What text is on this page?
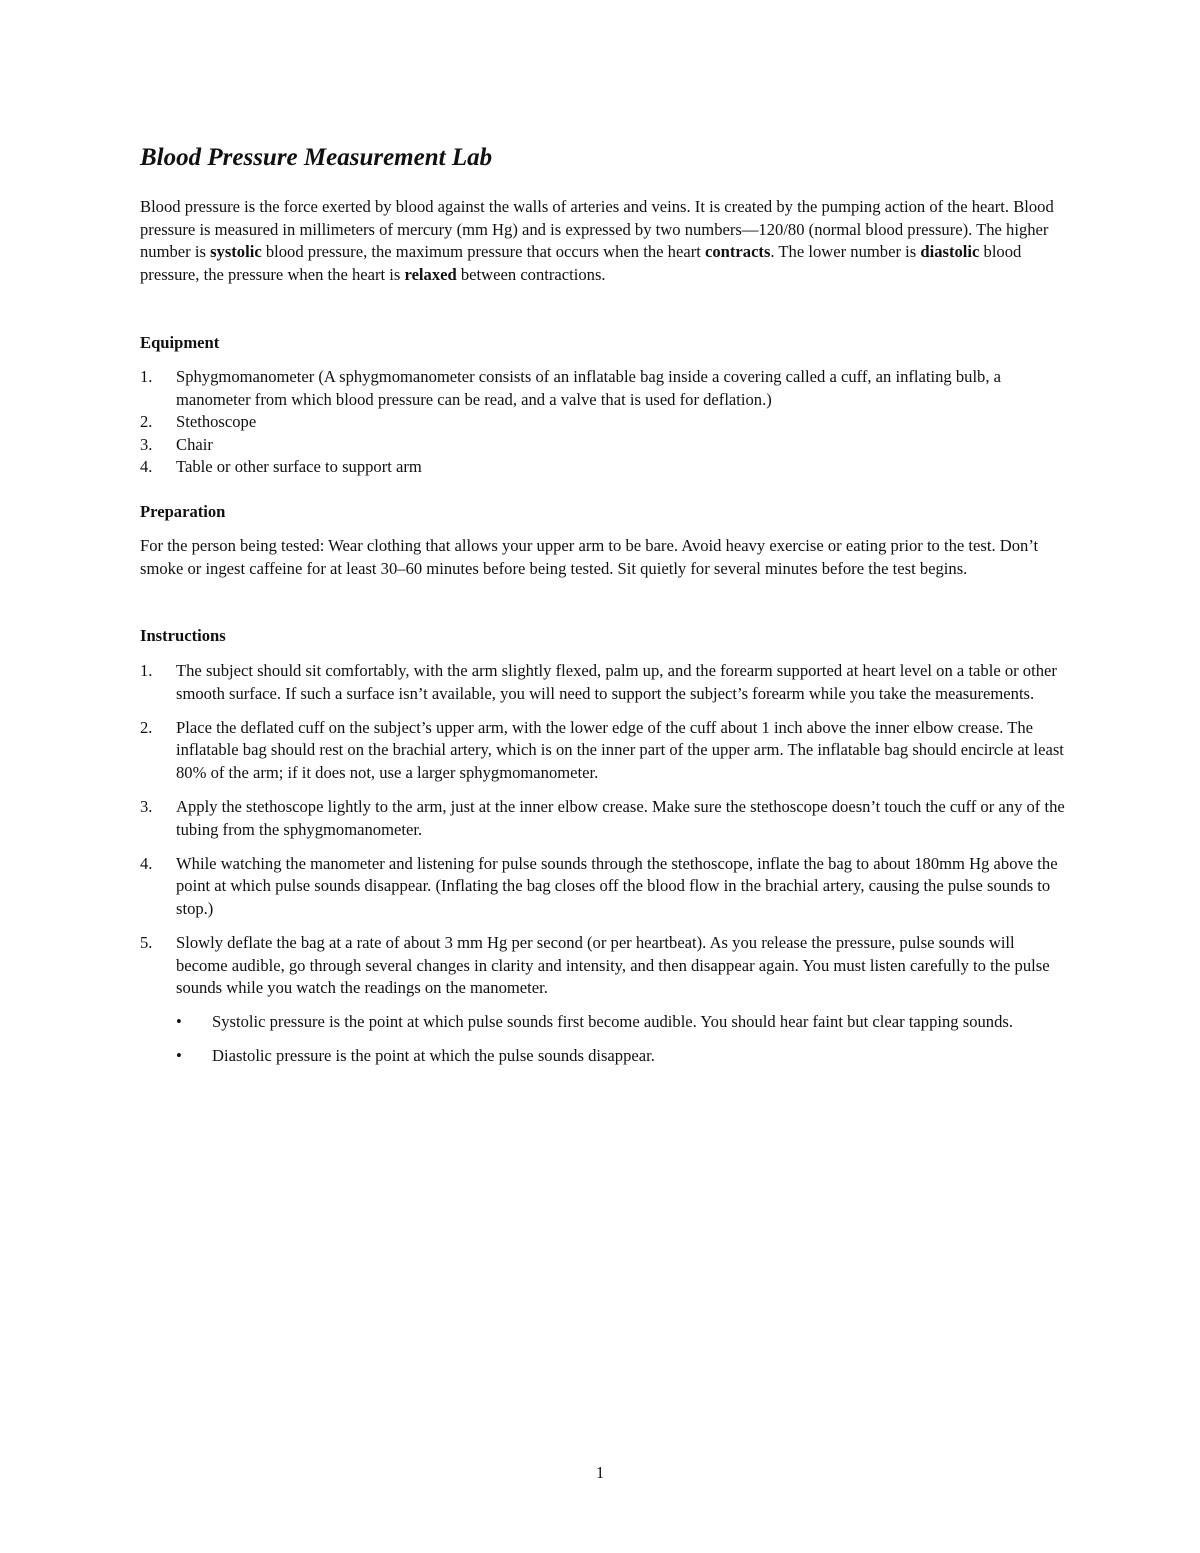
Blood Pressure Measurement Lab

Blood pressure is the force exerted by blood against the walls of arteries and veins. It is created by the pumping action of the heart. Blood pressure is measured in millimeters of mercury (mm Hg) and is expressed by two numbers—120/80 (normal blood pressure). The higher number is systolic blood pressure, the maximum pressure that occurs when the heart contracts. The lower number is diastolic blood pressure, the pressure when the heart is relaxed between contractions.

Equipment
1. Sphygmomanometer (A sphygmomanometer consists of an inflatable bag inside a covering called a cuff, an inflating bulb, a manometer from which blood pressure can be read, and a valve that is used for deflation.)
2. Stethoscope
3. Chair
4. Table or other surface to support arm
Preparation

For the person being tested: Wear clothing that allows your upper arm to be bare. Avoid heavy exercise or eating prior to the test. Don’t smoke or ingest caffeine for at least 30–60 minutes before being tested. Sit quietly for several minutes before the test begins.

Instructions
1. The subject should sit comfortably, with the arm slightly flexed, palm up, and the forearm supported at heart level on a table or other smooth surface. If such a surface isn’t available, you will need to support the subject’s forearm while you take the measurements.
2. Place the deflated cuff on the subject’s upper arm, with the lower edge of the cuff about 1 inch above the inner elbow crease. The inflatable bag should rest on the brachial artery, which is on the inner part of the upper arm. The inflatable bag should encircle at least 80% of the arm; if it does not, use a larger sphygmomanometer.
3. Apply the stethoscope lightly to the arm, just at the inner elbow crease. Make sure the stethoscope doesn’t touch the cuff or any of the tubing from the sphygmomanometer.
4. While watching the manometer and listening for pulse sounds through the stethoscope, inflate the bag to about 180mm Hg above the point at which pulse sounds disappear. (Inflating the bag closes off the blood flow in the brachial artery, causing the pulse sounds to stop.)
5. Slowly deflate the bag at a rate of about 3 mm Hg per second (or per heartbeat). As you release the pressure, pulse sounds will become audible, go through several changes in clarity and intensity, and then disappear again. You must listen carefully to the pulse sounds while you watch the readings on the manometer.
• Systolic pressure is the point at which pulse sounds first become audible. You should hear faint but clear tapping sounds.
• Diastolic pressure is the point at which the pulse sounds disappear.

1
